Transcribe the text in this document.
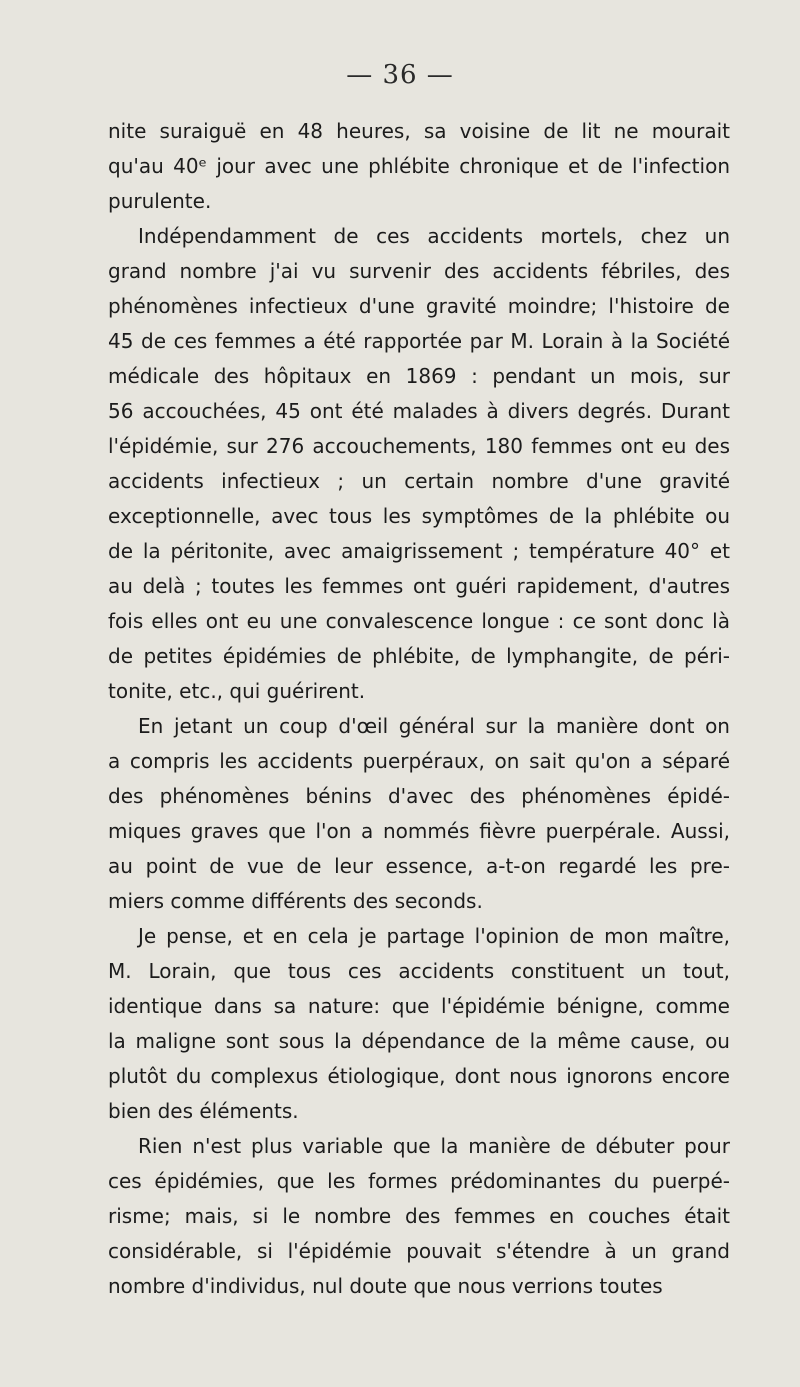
— 36 —
nite suraiguë en 48 heures, sa voisine de lit ne mourait
qu'au 40ᵉ jour avec une phlébite chronique et de l'infection
purulente.
Indépendamment de ces accidents mortels, chez un
grand nombre j'ai vu survenir des accidents fébriles, des
phénomènes infectieux d'une gravité moindre; l'histoire de
45 de ces femmes a été rapportée par M. Lorain à la Société
médicale des hôpitaux en 1869 : pendant un mois, sur
56 accouchées, 45 ont été malades à divers degrés. Durant
l'épidémie, sur 276 accouchements, 180 femmes ont eu des
accidents infectieux ; un certain nombre d'une gravité
exceptionnelle, avec tous les symptômes de la phlébite ou
de la péritonite, avec amaigrissement ; température 40° et
au delà ; toutes les femmes ont guéri rapidement, d'autres
fois elles ont eu une convalescence longue : ce sont donc là
de petites épidémies de phlébite, de lymphangite, de péri-
tonite, etc., qui guérirent.
En jetant un coup d'œil général sur la manière dont on
a compris les accidents puerpéraux, on sait qu'on a séparé
des phénomènes bénins d'avec des phénomènes épidé-
miques graves que l'on a nommés fièvre puerpérale. Aussi,
au point de vue de leur essence, a-t-on regardé les pre-
miers comme différents des seconds.
Je pense, et en cela je partage l'opinion de mon maître,
M. Lorain, que tous ces accidents constituent un tout,
identique dans sa nature: que l'épidémie bénigne, comme
la maligne sont sous la dépendance de la même cause, ou
plutôt du complexus étiologique, dont nous ignorons encore
bien des éléments.
Rien n'est plus variable que la manière de débuter pour
ces épidémies, que les formes prédominantes du puerpé-
risme; mais, si le nombre des femmes en couches était
considérable, si l'épidémie pouvait s'étendre à un grand
nombre d'individus, nul doute que nous verrions toutes
